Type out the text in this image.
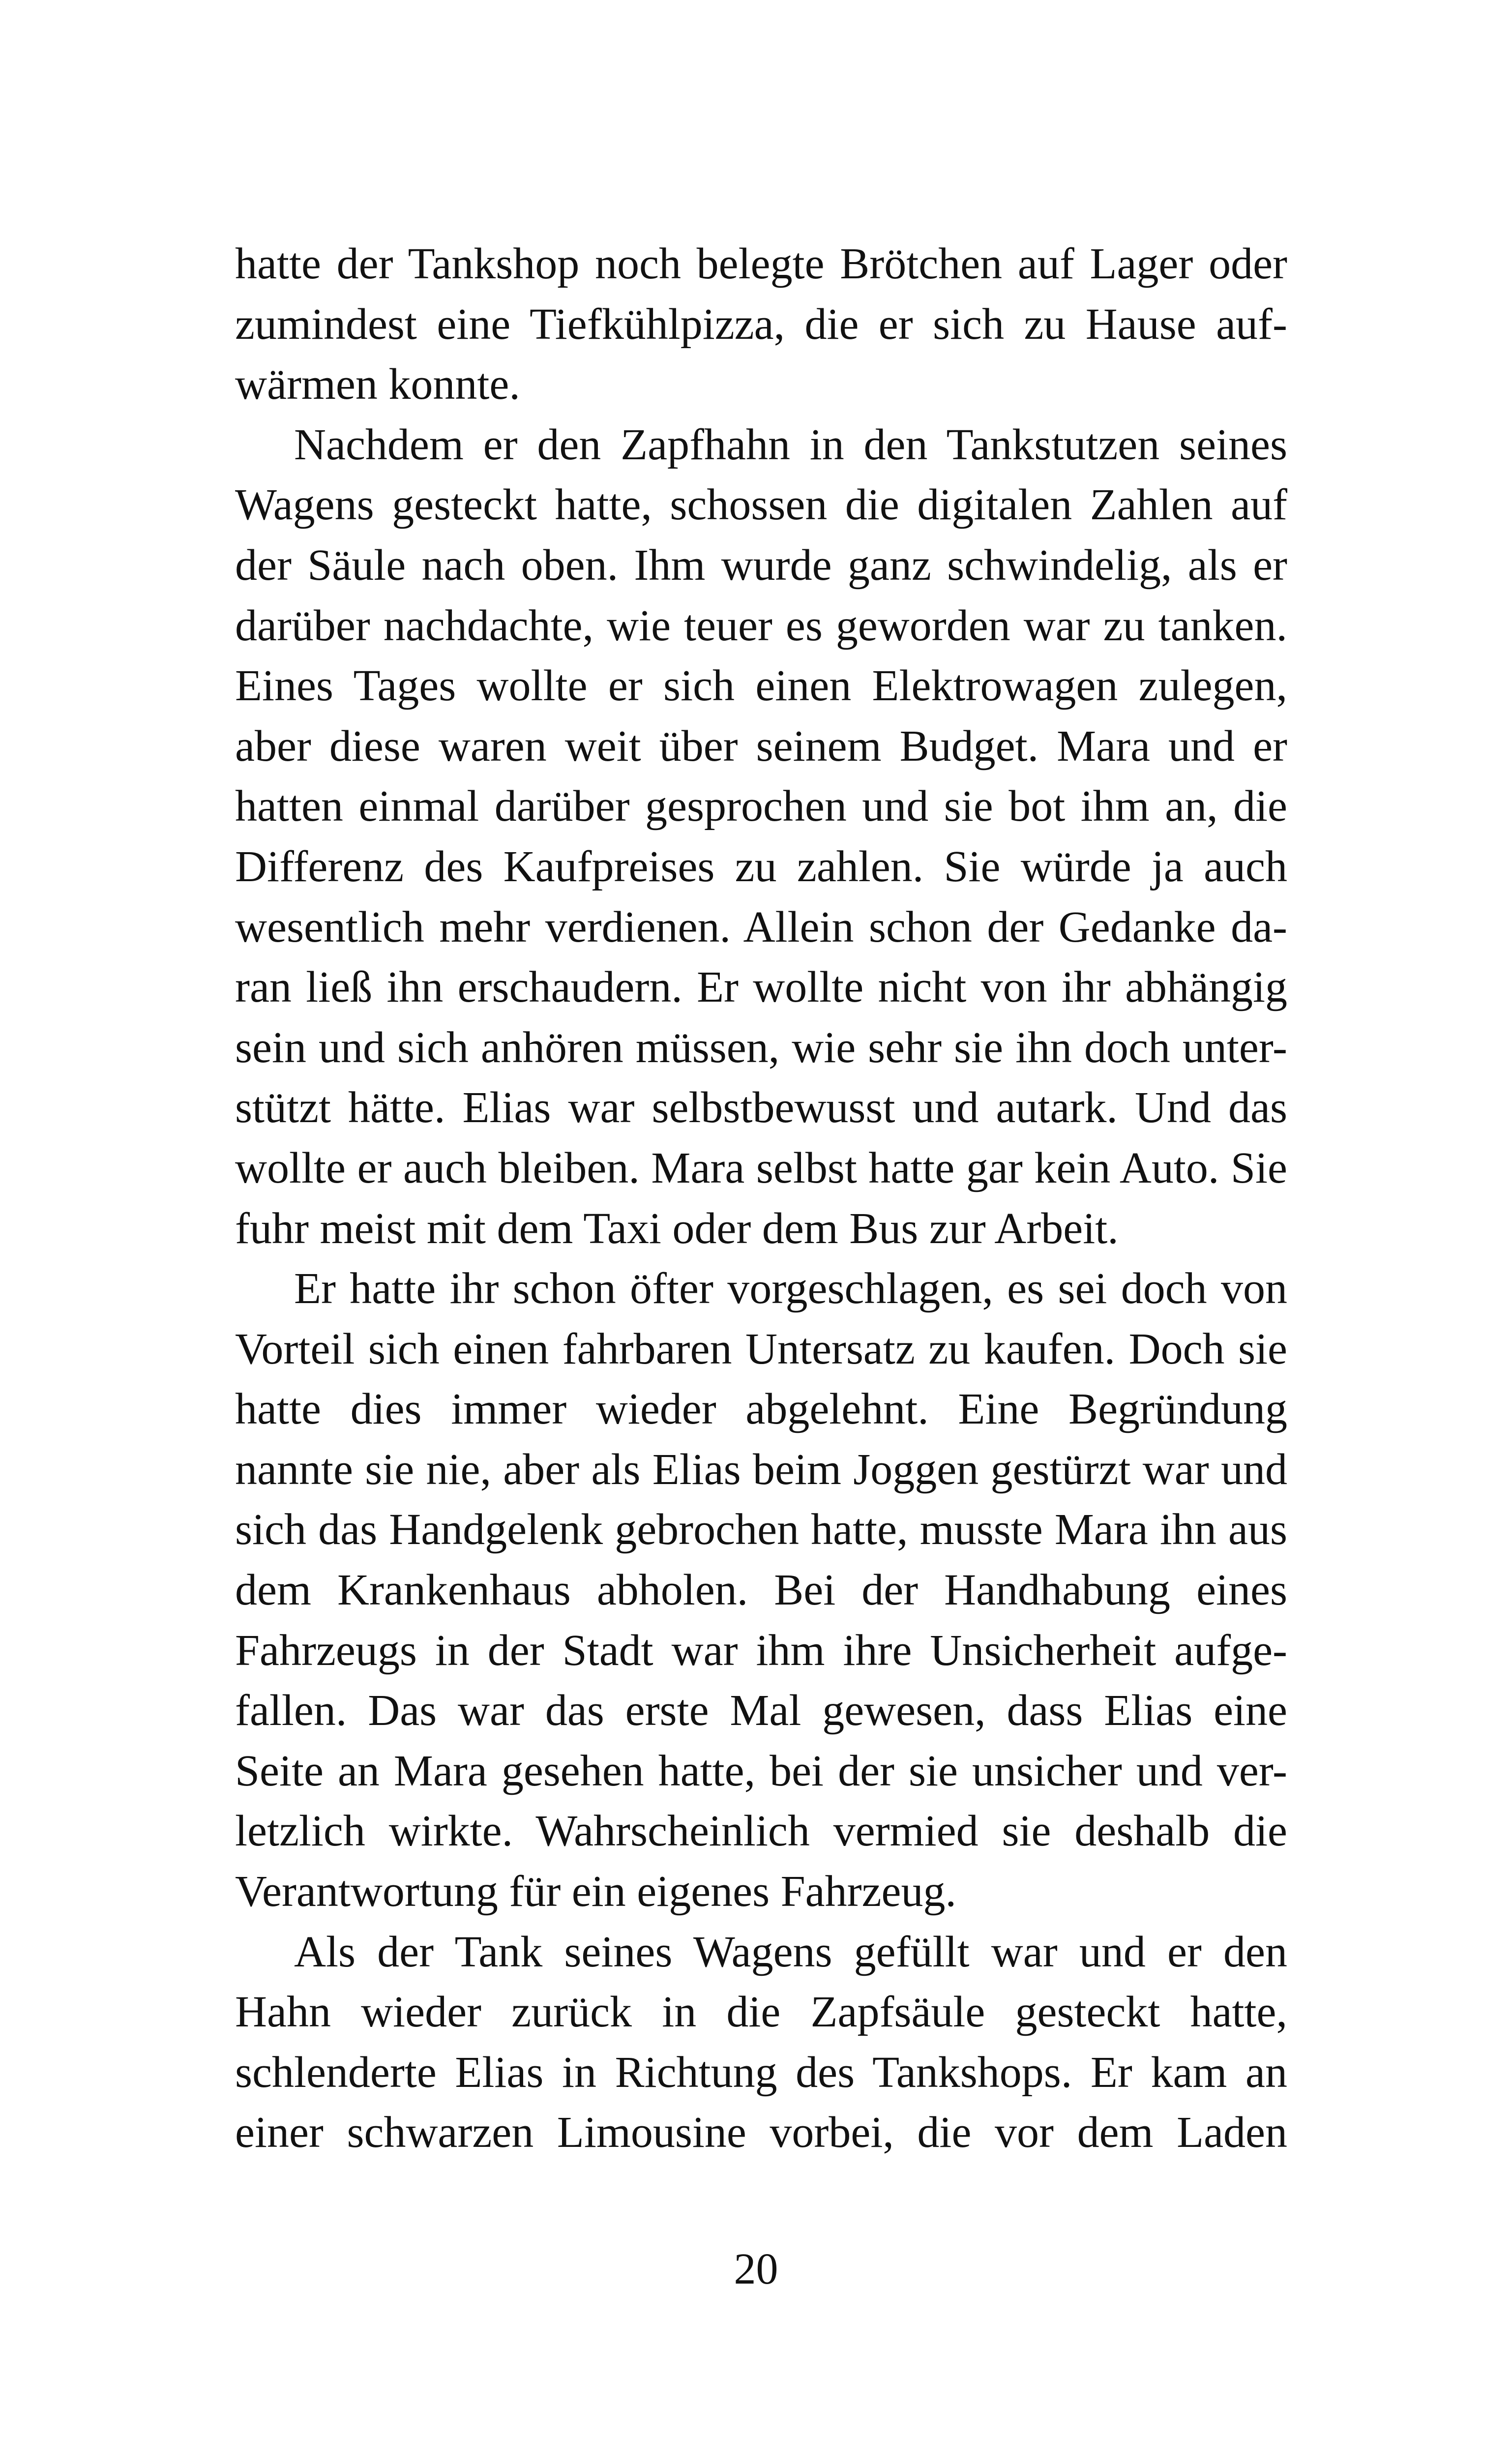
hatte der Tankshop noch belegte Brötchen auf Lager oder
zumindest eine Tiefkühlpizza, die er sich zu Hause auf-
wärmen konnte.
Nachdem er den Zapfhahn in den Tankstutzen seines
Wagens gesteckt hatte, schossen die digitalen Zahlen auf
der Säule nach oben. Ihm wurde ganz schwindelig, als er
darüber nachdachte, wie teuer es geworden war zu tanken.
Eines Tages wollte er sich einen Elektrowagen zulegen,
aber diese waren weit über seinem Budget. Mara und er
hatten einmal darüber gesprochen und sie bot ihm an, die
Differenz des Kaufpreises zu zahlen. Sie würde ja auch
wesentlich mehr verdienen. Allein schon der Gedanke da-
ran ließ ihn erschaudern. Er wollte nicht von ihr abhängig
sein und sich anhören müssen, wie sehr sie ihn doch unter-
stützt hätte. Elias war selbstbewusst und autark. Und das
wollte er auch bleiben. Mara selbst hatte gar kein Auto. Sie
fuhr meist mit dem Taxi oder dem Bus zur Arbeit.
Er hatte ihr schon öfter vorgeschlagen, es sei doch von
Vorteil sich einen fahrbaren Untersatz zu kaufen. Doch sie
hatte dies immer wieder abgelehnt. Eine Begründung
nannte sie nie, aber als Elias beim Joggen gestürzt war und
sich das Handgelenk gebrochen hatte, musste Mara ihn aus
dem Krankenhaus abholen. Bei der Handhabung eines
Fahrzeugs in der Stadt war ihm ihre Unsicherheit aufge-
fallen. Das war das erste Mal gewesen, dass Elias eine
Seite an Mara gesehen hatte, bei der sie unsicher und ver-
letzlich wirkte. Wahrscheinlich vermied sie deshalb die
Verantwortung für ein eigenes Fahrzeug.
Als der Tank seines Wagens gefüllt war und er den
Hahn wieder zurück in die Zapfsäule gesteckt hatte,
schlenderte Elias in Richtung des Tankshops. Er kam an
einer schwarzen Limousine vorbei, die vor dem Laden
20
